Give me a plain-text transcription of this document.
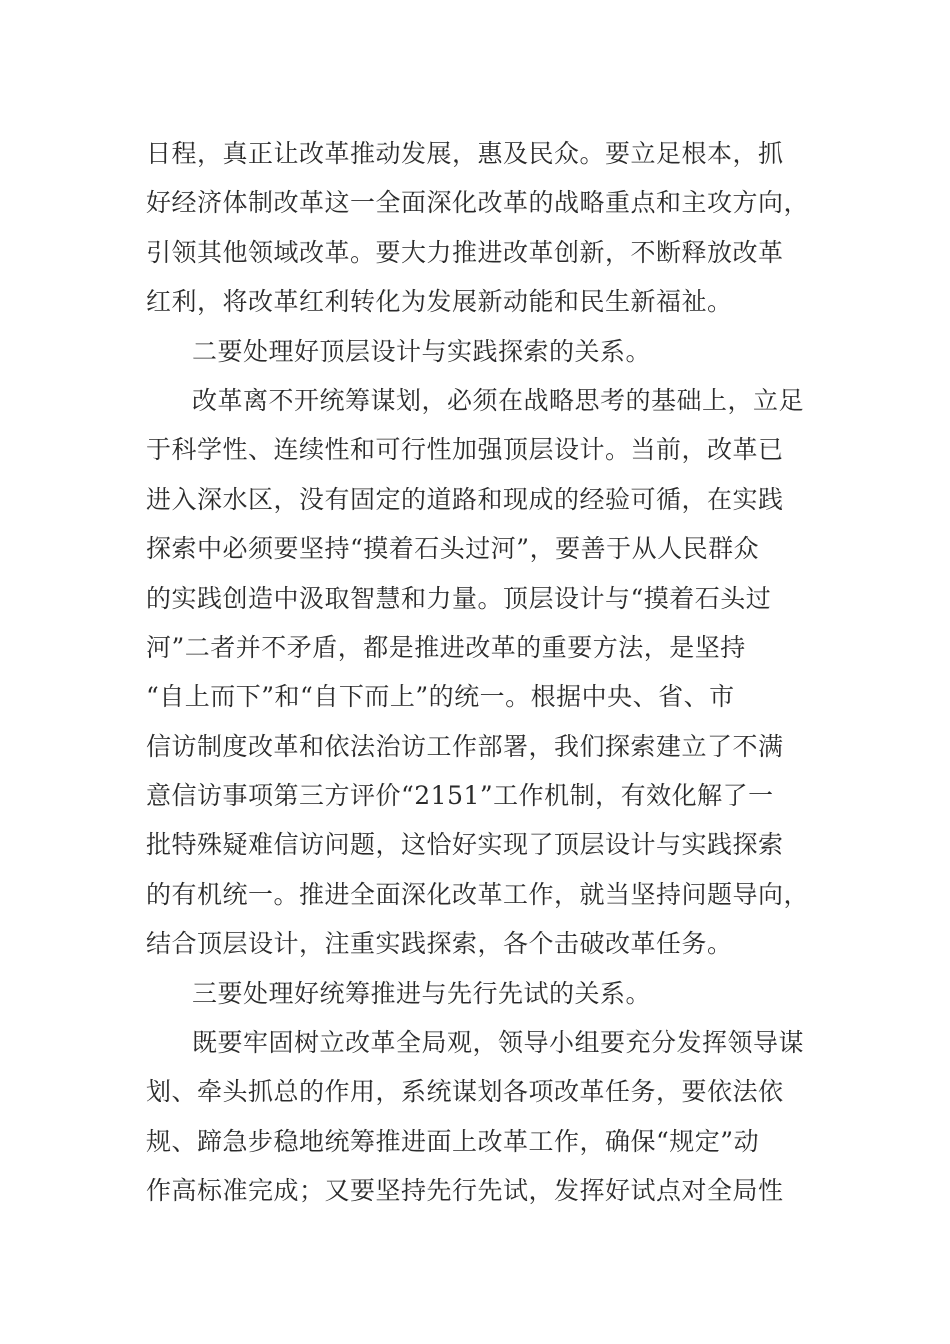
日程，真正让改革推动发展，惠及民众。要立足根本，抓
好经济体制改革这一全面深化改革的战略重点和主攻方向，
引领其他领域改革。要大力推进改革创新，不断释放改革
红利，将改革红利转化为发展新动能和民生新福祉。
二要处理好顶层设计与实践探索的关系。
改革离不开统筹谋划，必须在战略思考的基础上，立足
于科学性、连续性和可行性加强顶层设计。当前，改革已
进入深水区，没有固定的道路和现成的经验可循，在实践
探索中必须要坚持“摸着石头过河”，要善于从人民群众
的实践创造中汲取智慧和力量。顶层设计与“摸着石头过
河”二者并不矛盾，都是推进改革的重要方法，是坚持
“自上而下”和“自下而上”的统一。根据中央、省、市
信访制度改革和依法治访工作部署，我们探索建立了不满
意信访事项第三方评价“2151”工作机制，有效化解了一
批特殊疑难信访问题，这恰好实现了顶层设计与实践探索
的有机统一。推进全面深化改革工作，就当坚持问题导向，
结合顶层设计，注重实践探索，各个击破改革任务。
三要处理好统筹推进与先行先试的关系。
既要牢固树立改革全局观，领导小组要充分发挥领导谋
划、牵头抓总的作用，系统谋划各项改革任务，要依法依
规、蹄急步稳地统筹推进面上改革工作，确保“规定”动
作高标准完成；又要坚持先行先试，发挥好试点对全局性
